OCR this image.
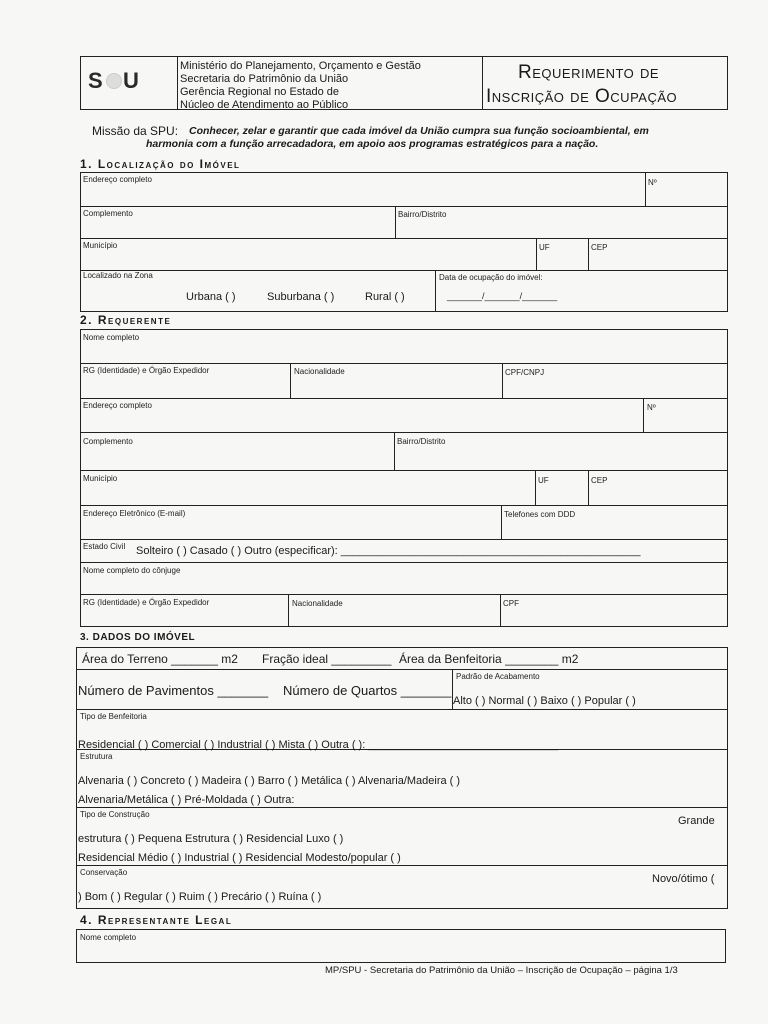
S U
Ministério do Planejamento, Orçamento e Gestão
Secretaria do Patrimônio da União
Gerência Regional no Estado de
Núcleo de Atendimento ao Público
Requerimento de
Inscrição de Ocupação
Missão da SPU: Conhecer, zelar e garantir que cada imóvel da União cumpra sua função socioambiental, em
harmonia com a função arrecadadora, em apoio aos programas estratégicos para a nação.
1. Localização do Imóvel
Endereço completo	Nº
Complemento	Bairro/Distrito
Município	UF	CEP
Localizado na Zona	Data de ocupação do imóvel:
Urbana ( )	Suburbana ( )	Rural ( )	_______/_______/_______
2. Requerente
Nome completo
RG (Identidade) e Órgão Expedidor	Nacionalidade	CPF/CNPJ
Endereço completo	Nº
Complemento	Bairro/Distrito
Município	UF	CEP
Endereço Eletrônico (E-mail)	Telefones com DDD
Estado Civil Solteiro ( ) Casado ( ) Outro (especificar): _________________________________________________
Nome completo do cônjuge
RG (Identidade) e Órgão Expedidor	Nacionalidade	CPF
3. DADOS DO IMÓVEL
Área do Terreno _______ m2 Fração ideal _________ Área da Benfeitoria ________ m2
Padrão de Acabamento
Número de Pavimentos _______ Número de Quartos _______
Alto ( ) Normal ( ) Baixo ( ) Popular ( )
Tipo de Benfeitoria
Residencial ( ) Comercial ( ) Industrial ( ) Mista ( ) Outra ( ): _______________________________
Estrutura
Alvenaria ( ) Concreto ( ) Madeira ( ) Barro ( ) Metálica ( ) Alvenaria/Madeira ( )
Alvenaria/Metálica ( ) Pré-Moldada ( ) Outra:
Tipo de Construção
Grande
estrutura ( ) Pequena Estrutura ( ) Residencial Luxo ( )
Residencial Médio ( ) Industrial ( ) Residencial Modesto/popular ( )
Conservação
Novo/ótimo (
) Bom ( ) Regular ( ) Ruim ( ) Precário ( ) Ruína ( )
4. Representante Legal
Nome completo
MP/SPU - Secretaria do Patrimônio da União – Inscrição de Ocupação – página 1/3
